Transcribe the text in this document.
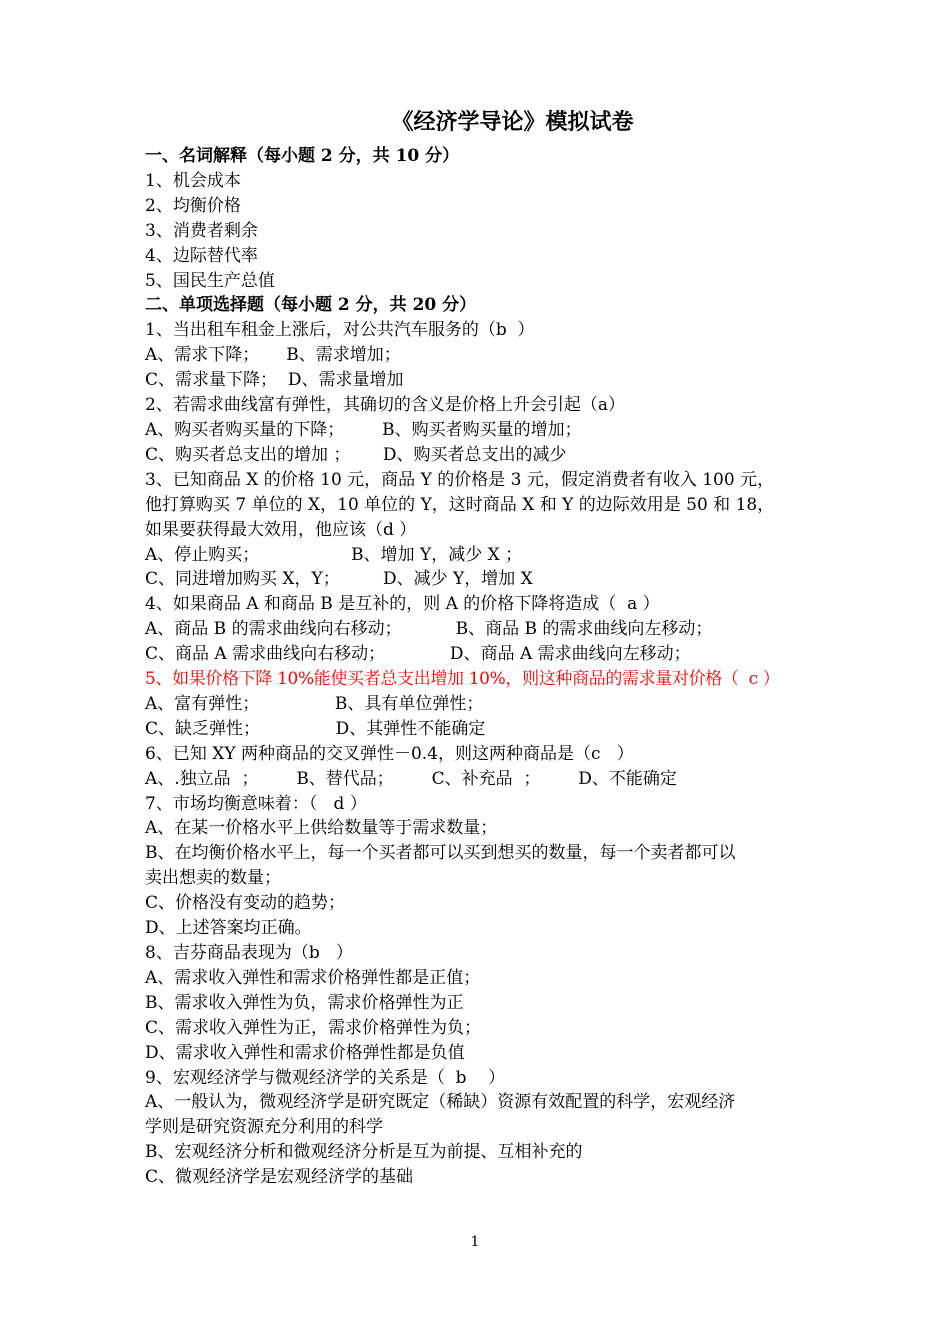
《经济学导论》模拟试卷
一、名词解释（每小题 2 分，共 10 分）
1、机会成本
2、均衡价格
3、消费者剩余
4、边际替代率
5、国民生产总值
二、单项选择题（每小题 2 分，共 20 分）
1、当出租车租金上涨后，对公共汽车服务的（b  ）
A、需求下降；     B、需求增加；
C、需求量下降；  D、需求量增加
2、若需求曲线富有弹性，其确切的含义是价格上升会引起（a）
A、购买者购买量的下降；       B、购买者购买量的增加；
C、购买者总支出的增加 ；      D、购买者总支出的减少
3、已知商品 X 的价格 10 元，商品 Y 的价格是 3 元，假定消费者有收入 100 元，
他打算购买 7 单位的 X，10 单位的 Y，这时商品 X 和 Y 的边际效用是 50 和 18，
如果要获得最大效用，他应该（d ）
A、停止购买；                 B、增加 Y，减少 X ；
C、同进增加购买 X，Y；        D、减少 Y，增加 X
4、如果商品 A 和商品 B 是互补的，则 A 的价格下降将造成（  a ）
A、商品 B 的需求曲线向右移动；          B、商品 B 的需求曲线向左移动；
C、商品 A 需求曲线向右移动；            D、商品 A 需求曲线向左移动；
5、如果价格下降 10%能使买者总支出增加 10%，则这种商品的需求量对价格（  c ）
A、富有弹性；              B、具有单位弹性；
C、缺乏弹性；              D、其弹性不能确定
6、已知 XY 两种商品的交叉弹性－0.4，则这两种商品是（c   ）
A、.独立品  ；       B、替代品；       C、补充品  ；       D、不能确定
7、市场均衡意味着：（   d ）
A、在某一价格水平上供给数量等于需求数量；
B、在均衡价格水平上，每一个买者都可以买到想买的数量，每一个卖者都可以
卖出想卖的数量；
C、价格没有变动的趋势；
D、上述答案均正确。
8、吉芬商品表现为（b   ）
A、需求收入弹性和需求价格弹性都是正值；
B、需求收入弹性为负，需求价格弹性为正
C、需求收入弹性为正，需求价格弹性为负；
D、需求收入弹性和需求价格弹性都是负值
9、宏观经济学与微观经济学的关系是（  b    ）
A、一般认为，微观经济学是研究既定（稀缺）资源有效配置的科学，宏观经济
学则是研究资源充分利用的科学
B、宏观经济分析和微观经济分析是互为前提、互相补充的
C、微观经济学是宏观经济学的基础
1
